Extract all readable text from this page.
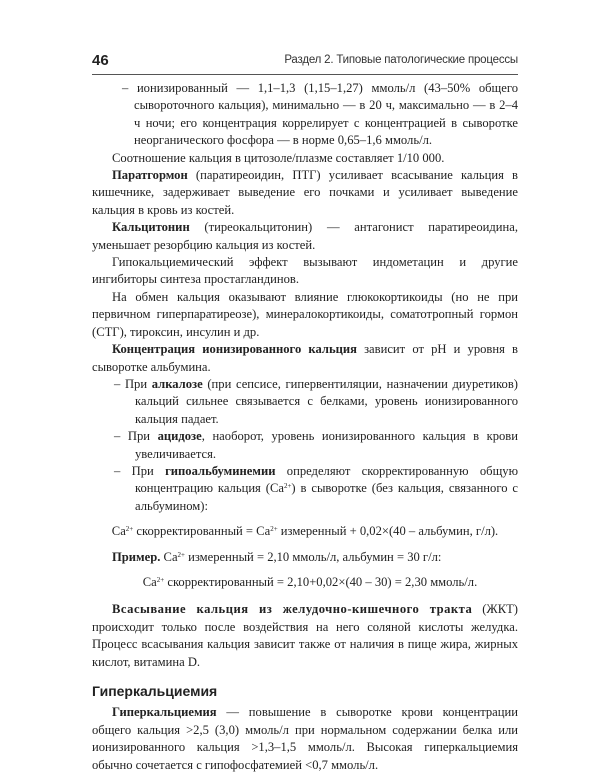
46	Раздел 2. Типовые патологические процессы

– ионизированный — 1,1–1,3 (1,15–1,27) ммоль/л (43–50% общего сывороточного кальция), минимально — в 20 ч, максимально — в 2–4 ч ночи; его концентрация коррелирует с концентрацией в сыворотке неорганического фосфора — в норме 0,65–1,6 ммоль/л.

Соотношение кальция в цитозоле/плазме составляет 1/10 000.

Паратгормон (паратиреоидин, ПТГ) усиливает всасывание кальция в кишечнике, задерживает выведение его почками и усиливает выведение кальция в кровь из костей.

Кальцитонин (тиреокальцитонин) — антагонист паратиреоидина, уменьшает резорбцию кальция из костей.

Гипокальциемический эффект вызывают индометацин и другие ингибиторы синтеза простагландинов.

На обмен кальция оказывают влияние глюкокортикоиды (но не при первичном гиперпаратиреозе), минералокортикоиды, соматотропный гормон (СТГ), тироксин, инсулин и др.

Концентрация ионизированного кальция зависит от pH и уровня в сыворотке альбумина.

– При алкалозе (при сепсисе, гипервентиляции, назначении диуретиков) кальций сильнее связывается с белками, уровень ионизированного кальция падает.

– При ацидозе, наоборот, уровень ионизированного кальция в крови увеличивается.

– При гипоальбуминемии определяют скорректированную общую концентрацию кальция $(Ca^{2+})$ в сыворотке (без кальция, связанного с альбумином):

$Ca^{2+}$ скорректированный = $Ca^{2+}$ измеренный + 0,02×(40 – альбумин, г/л).

Пример. $Ca^{2+}$ измеренный = 2,10 ммоль/л, альбумин = 30 г/л:

$Ca^{2+}$ скорректированный = 2,10+0,02×(40 – 30) = 2,30 ммоль/л.

Всасывание кальция из желудочно-кишечного тракта (ЖКТ) происходит только после воздействия на него соляной кислоты желудка. Процесс всасывания кальция зависит также от наличия в пище жира, жирных кислот, витамина D.

Гиперкальциемия

Гиперкальциемия — повышение в сыворотке крови концентрации общего кальция >2,5 (3,0) ммоль/л при нормальном содержании белка или ионизированного кальция >1,3–1,5 ммоль/л. Высокая гиперкальциемия обычно сочетается с гипофосфатемией <0,7 ммоль/л.
